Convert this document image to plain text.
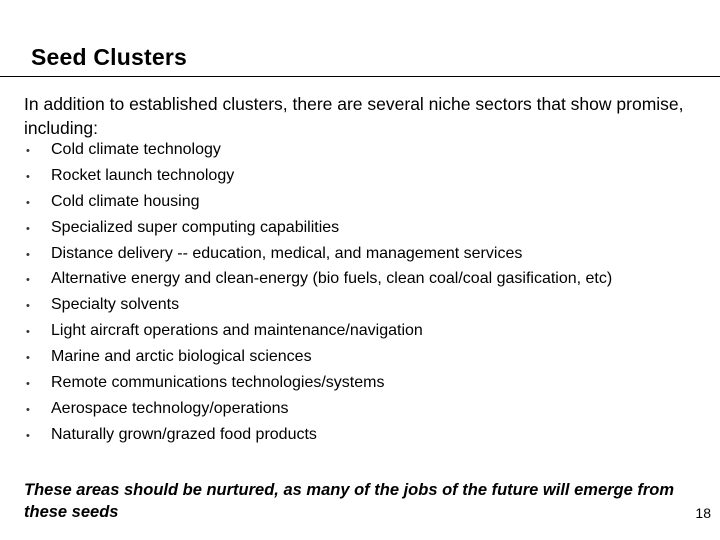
Seed Clusters
In addition to established clusters, there are several niche sectors that show promise, including:
•	Cold climate technology
•	Rocket launch technology
•	Cold climate housing
•	Specialized super computing capabilities
•	Distance delivery -- education, medical, and management services
•	Alternative energy and clean-energy (bio fuels, clean coal/coal gasification, etc)
•	Specialty solvents
•	Light aircraft operations and maintenance/navigation
•	Marine and arctic biological sciences
•	Remote communications technologies/systems
•	Aerospace technology/operations
•	Naturally grown/grazed food products
These areas should be nurtured, as many of the jobs of the future will emerge from these seeds	18
